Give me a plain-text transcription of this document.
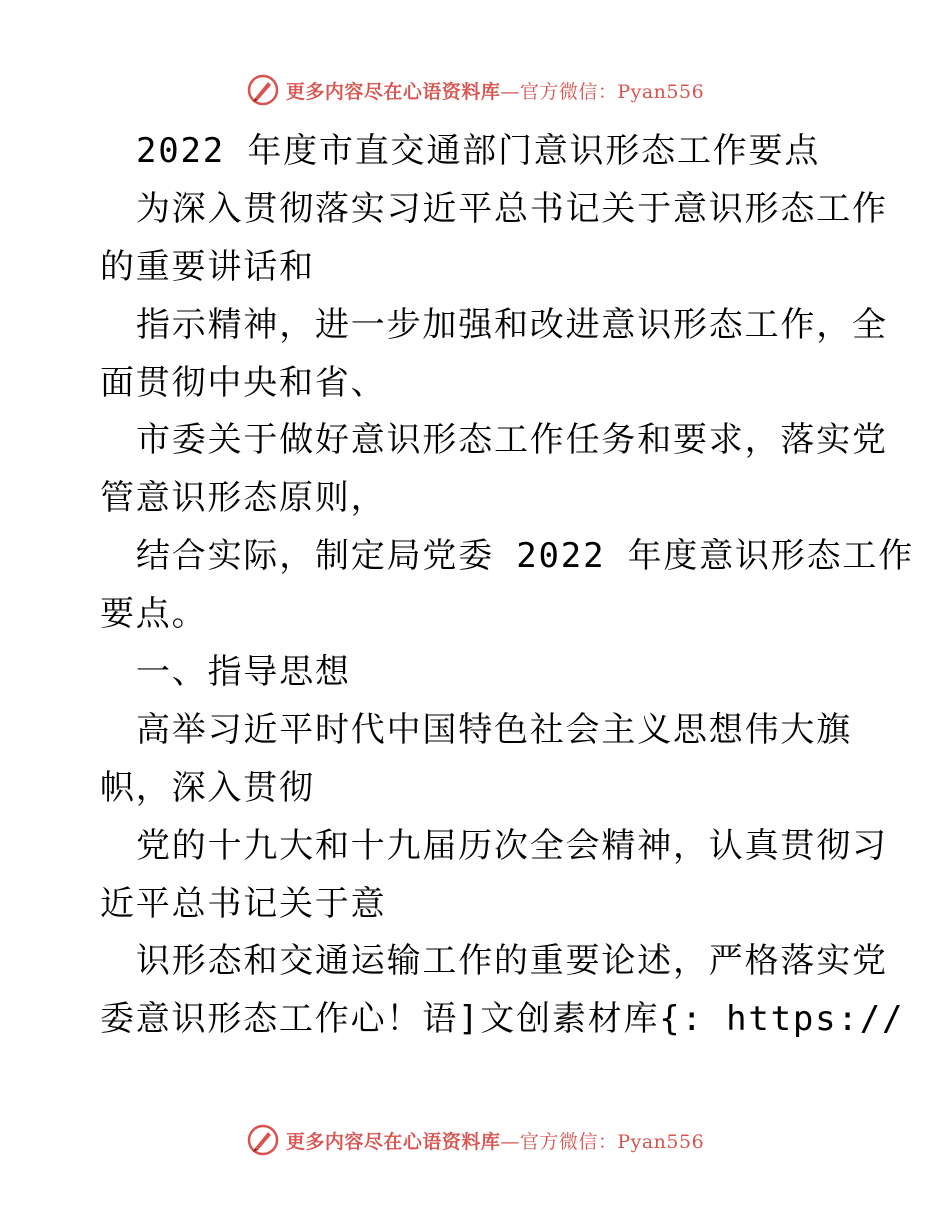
更多内容尽在心语资料库—官方微信：Pyan556
2022 年度市直交通部门意识形态工作要点
为深入贯彻落实习近平总书记关于意识形态工作
的重要讲话和
指示精神，进一步加强和改进意识形态工作，全
面贯彻中央和省、
市委关于做好意识形态工作任务和要求，落实党
管意识形态原则，
结合实际，制定局党委 2022 年度意识形态工作
要点。
一、指导思想
高举习近平时代中国特色社会主义思想伟大旗
帜，深入贯彻
党的十九大和十九届历次全会精神，认真贯彻习
近平总书记关于意
识形态和交通运输工作的重要论述，严格落实党
委意识形态工作心！语]文创素材库{: https://
更多内容尽在心语资料库—官方微信：Pyan556
